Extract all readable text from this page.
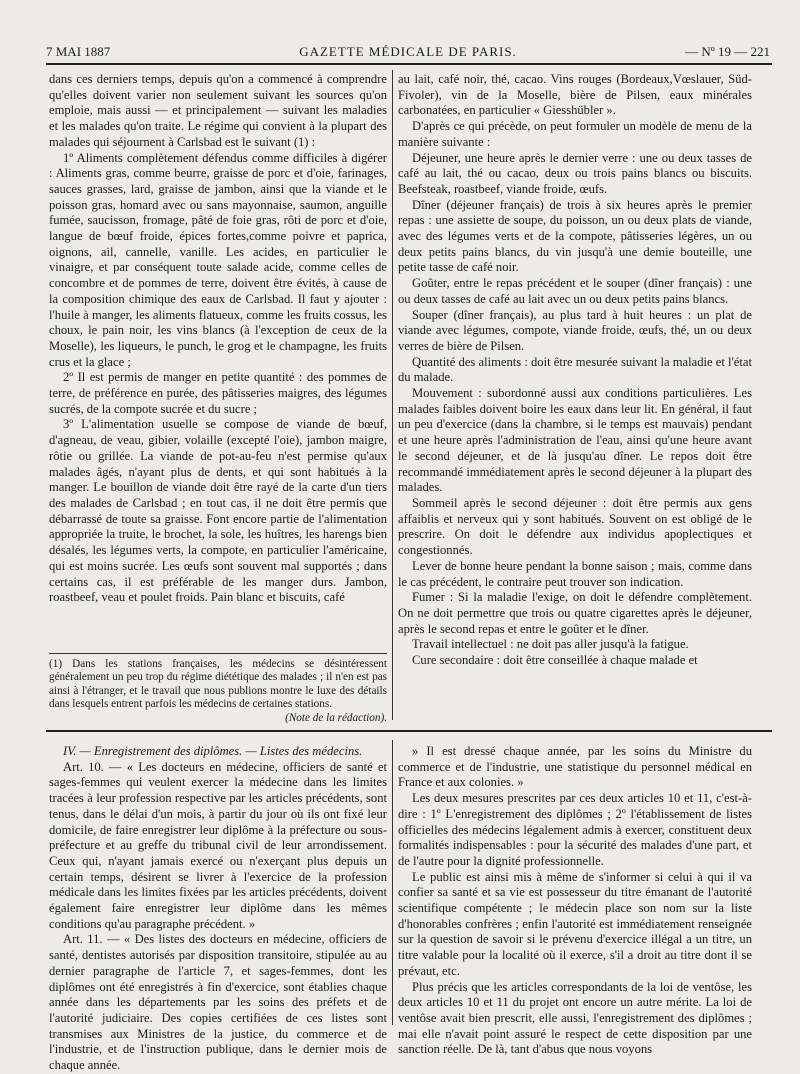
7 MAI 1887	GAZETTE MÉDICALE DE PARIS.	— Nº 19 — 221

dans ces derniers temps, depuis qu'on a commencé à comprendre qu'elles doivent varier non seulement suivant les sources qu'on emploie, mais aussi — et principalement — suivant les maladies et les malades qu'on traite. Le régime qui convient à la plupart des malades qui séjournent à Carlsbad est le suivant (1) :

1º Aliments complètement défendus comme difficiles à digérer : Aliments gras, comme beurre, graisse de porc et d'oie, farinages, sauces grasses, lard, graisse de jambon, ainsi que la viande et le poisson gras, homard avec ou sans mayonnaise, saumon, anguille fumée, saucisson, fromage, pâté de foie gras, rôti de porc et d'oie, langue de bœuf froide, épices fortes,comme poivre et paprica, oignons, ail, cannelle, vanille. Les acides, en particulier le vinaigre, et par conséquent toute salade acide, comme celles de concombre et de pommes de terre, doivent être évités, à cause de la composition chimique des eaux de Carlsbad. Il faut y ajouter : l'huile à manger, les aliments flatueux, comme les fruits cossus, les choux, le pain noir, les vins blancs (à l'exception de ceux de la Moselle), les liqueurs, le punch, le grog et le champagne, les fruits crus et la glace ;

2º Il est permis de manger en petite quantité : des pommes de terre, de préférence en purée, des pâtisseries maigres, des légumes sucrés, de la compote sucrée et du sucre ;

3º L'alimentation usuelle se compose de viande de bœuf, d'agneau, de veau, gibier, volaille (excepté l'oie), jambon maigre, rôtie ou grillée. La viande de pot-au-feu n'est permise qu'aux malades âgés, n'ayant plus de dents, et qui sont habitués à la manger. Le bouillon de viande doit être rayé de la carte d'un tiers des malades de Carlsbad ; en tout cas, il ne doit être permis que débarrassé de toute sa graisse. Font encore partie de l'alimentation appropriée la truite, le brochet, la sole, les huîtres, les harengs bien désalés, les légumes verts, la compote, en particulier l'américaine, qui est moins sucrée. Les œufs sont souvent mal supportés ; dans certains cas, il est préférable de les manger durs. Jambon, roastbeef, veau et poulet froids. Pain blanc et biscuits, café

(1) Dans les stations françaises, les médecins se désintéressent généralement un peu trop du régime diététique des malades ; il n'en est pas ainsi à l'étranger, et le travail que nous publions montre le luxe des détails dans lesquels entrent parfois les médecins de certaines stations.
(Note de la rédaction).

au lait, café noir, thé, cacao. Vins rouges (Bordeaux,Vœslauer, Süd-Fivoler), vin de la Moselle, bière de Pilsen, eaux minérales carbonatées, en particulier « Giesshübler ».

D'après ce qui précède, on peut formuler un modèle de menu de la manière suivante :

Déjeuner, une heure après le dernier verre : une ou deux tasses de café au lait, thé ou cacao, deux ou trois pains blancs ou biscuits. Beefsteak, roastbeef, viande froide, œufs.

Dîner (déjeuner français) de trois à six heures après le premier repas : une assiette de soupe, du poisson, un ou deux plats de viande, avec des légumes verts et de la compote, pâtisseries légères, un ou deux petits pains blancs, du vin jusqu'à une demie bouteille, une petite tasse de café noir.

Goûter, entre le repas précédent et le souper (dîner français) : une ou deux tasses de café au lait avec un ou deux petits pains blancs.

Souper (dîner français), au plus tard à huit heures : un plat de viande avec légumes, compote, viande froide, œufs, thé, un ou deux verres de bière de Pilsen.

Quantité des aliments : doit être mesurée suivant la maladie et l'état du malade.

Mouvement : subordonné aussi aux conditions particulières. Les malades faibles doivent boire les eaux dans leur lit. En général, il faut un peu d'exercice (dans la chambre, si le temps est mauvais) pendant et une heure après l'administration de l'eau, ainsi qu'une heure avant le second déjeuner, et de là jusqu'au dîner. Le repos doit être recommandé immédiatement après le second déjeuner à la plupart des malades.

Sommeil après le second déjeuner : doit être permis aux gens affaiblis et nerveux qui y sont habitués. Souvent on est obligé de le prescrire. On doit le défendre aux individus apoplectiques et congestionnés.

Lever de bonne heure pendant la bonne saison ; mais, comme dans le cas précédent, le contraire peut trouver son indication.

Fumer : Si la maladie l'exige, on doit le défendre complètement. On ne doit permettre que trois ou quatre cigarettes après le déjeuner, après le second repas et entre le goûter et le dîner.

Travail intellectuel : ne doit pas aller jusqu'à la fatigue.

Cure secondaire : doit être conseillée à chaque malade et

IV. — Enregistrement des diplômes. — Listes des médecins.

Art. 10. — « Les docteurs en médecine, officiers de santé et sages-femmes qui veulent exercer la médecine dans les limites tracées à leur profession respective par les articles précédents, sont tenus, dans le délai d'un mois, à partir du jour où ils ont fixé leur domicile, de faire enregistrer leur diplôme à la préfecture ou sous-préfecture et au greffe du tribunal civil de leur arrondissement. Ceux qui, n'ayant jamais exercé ou n'exerçant plus depuis un certain temps, désirent se livrer à l'exercice de la profession médicale dans les limites fixées par les articles précédents, doivent également faire enregistrer leur diplôme dans les mêmes conditions qu'au paragraphe précédent. »

Art. 11. — « Des listes des docteurs en médecine, officiers de santé, dentistes autorisés par disposition transitoire, stipulée au au dernier paragraphe de l'article 7, et sages-femmes, dont les diplômes ont été enregistrés à fin d'exercice, sont établies chaque année dans les départements par les soins des préfets et de l'autorité judiciaire. Des copies certifiées de ces listes sont transmises aux Ministres de la justice, du commerce et de l'industrie, et de l'instruction publique, dans le dernier mois de chaque année.

» Il est dressé chaque année, par les soins du Ministre du commerce et de l'industrie, une statistique du personnel médical en France et aux colonies. »

Les deux mesures prescrites par ces deux articles 10 et 11, c'est-à-dire : 1º L'enregistrement des diplômes ; 2º l'établissement de listes officielles des médecins légalement admis à exercer, constituent deux formalités indispensables : pour la sécurité des malades d'une part, et de l'autre pour la dignité professionnelle.

Le public est ainsi mis à même de s'informer si celui à qui il va confier sa santé et sa vie est possesseur du titre émanant de l'autorité scientifique compétente ; le médecin place son nom sur la liste d'honorables confrères ; enfin l'autorité est immédiatement renseignée sur la question de savoir si le prévenu d'exercice illégal a un titre, un titre valable pour la localité où il exerce, s'il a droit au titre dont il se prévaut, etc.

Plus précis que les articles correspondants de la loi de ventôse, les deux articles 10 et 11 du projet ont encore un autre mérite. La loi de ventôse avait bien prescrit, elle aussi, l'enregistrement des diplômes ; mai elle n'avait point assuré le respect de cette disposition par une sanction réelle. De là, tant d'abus que nous voyons
